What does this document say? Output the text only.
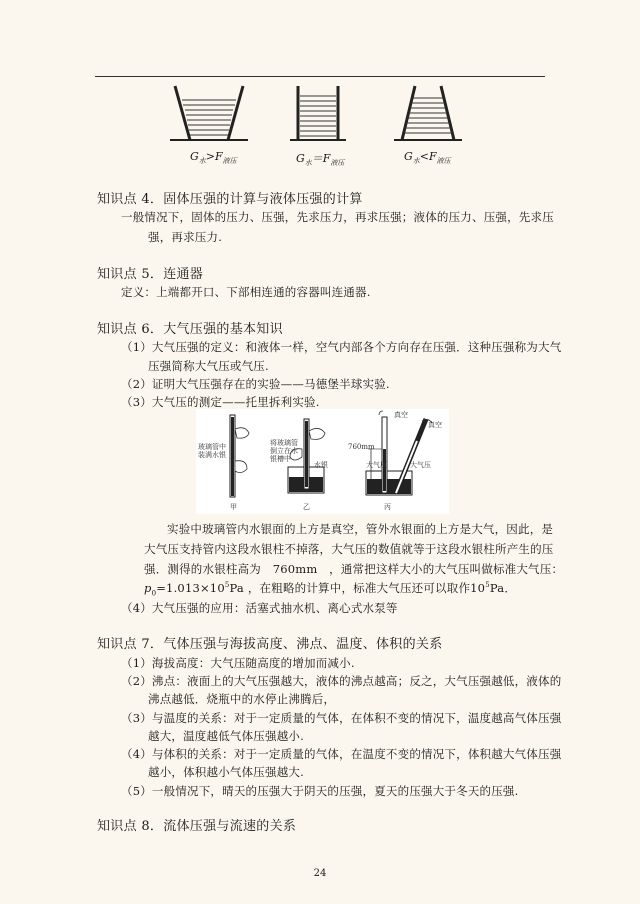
$G_水>F_{液压}$	$G_水=F_{液压}$
$G_水<F_{液压}$
知识点 4．固体压强的计算与液体压强的计算
一般情况下，固体的压力、压强，先求压力，再求压强；液体的压力、压强，先求压
强，再求压力.
知识点 5．连通器
定义：上端都开口、下部相连通的容器叫连通器.
知识点 6．大气压强的基本知识
（1）大气压强的定义：和液体一样，空气内部各个方向存在压强．这种压强称为大气
压强简称大气压或气压.
（2）证明大气压强存在的实验——马德堡半球实验.
（3）大气压的测定——托里拆利实验.
玻璃管中
装满水银
将玻璃管
倒立在水
银槽中
水银
真空
真空
760mm
大气压	大气压
甲	乙	丙
实验中玻璃管内水银面的上方是真空，管外水银面的上方是大气，因此，是
大气压支持管内这段水银柱不掉落，大气压的数值就等于这段水银柱所产生的压
强．测得的水银柱高为　760mm　，通常把这样大小的大气压叫做标准大气压：
$p_0=1.013\times 10^5Pa$ ，在粗略的计算中，标准大气压还可以取作$10^5Pa$．
（4）大气压强的应用：活塞式抽水机、离心式水泵等
知识点 7．气体压强与海拔高度、沸点、温度、体积的关系
（1）海拔高度：大气压随高度的增加而减小.
（2）沸点：液面上的大气压强越大，液体的沸点越高；反之，大气压强越低，液体的
沸点越低．烧瓶中的水停止沸腾后，
（3）与温度的关系：对于一定质量的气体，在体积不变的情况下，温度越高气体压强
越大，温度越低气体压强越小.
（4）与体积的关系：对于一定质量的气体，在温度不变的情况下，体积越大气体压强
越小，体积越小气体压强越大.
（5）一般情况下，晴天的压强大于阴天的压强，夏天的压强大于冬天的压强.
知识点 8．流体压强与流速的关系
24
